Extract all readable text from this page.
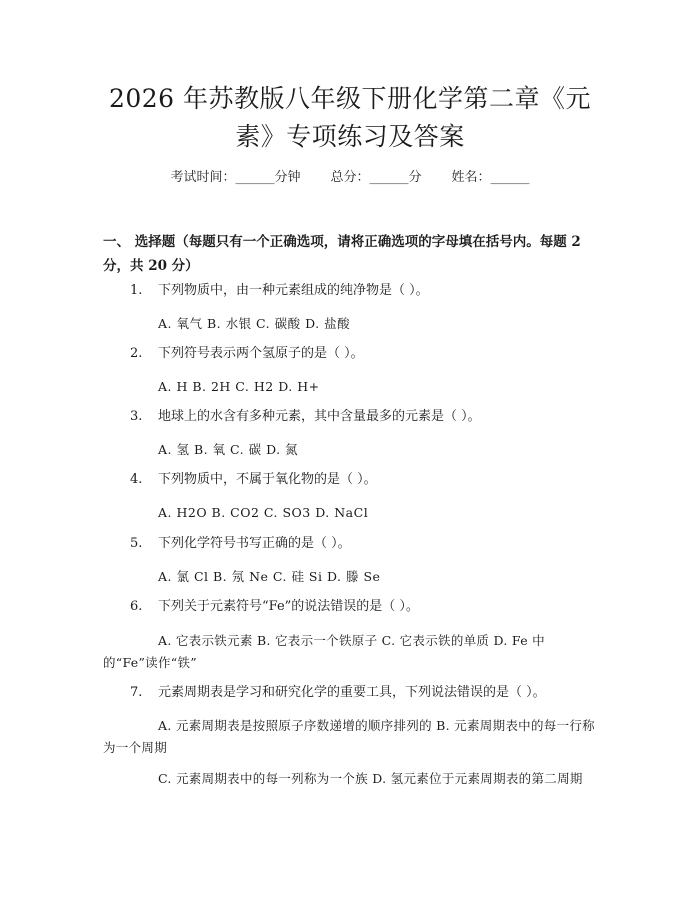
2026 年苏教版八年级下册化学第二章《元素》专项练习及答案
考试时间：______分钟 总分：______分 姓名：______
一、 选择题（每题只有一个正确选项，请将正确选项的字母填在括号内。每题 2 分，共 20 分）
1. 下列物质中，由一种元素组成的纯净物是（ ）。
A. 氧气 B. 水银 C. 碳酸 D. 盐酸
2. 下列符号表示两个氢原子的是（ ）。
A. H B. 2H C. H2 D. H+
3. 地球上的水含有多种元素，其中含量最多的元素是（ ）。
A. 氢 B. 氧 C. 碳 D. 氮
4. 下列物质中，不属于氧化物的是（ ）。
A. H2O B. CO2 C. SO3 D. NaCl
5. 下列化学符号书写正确的是（ ）。
A. 氯 Cl B. 氖 Ne C. 硅 Si D. 滕 Se
6. 下列关于元素符号“Fe”的说法错误的是（ ）。
A. 它表示铁元素 B. 它表示一个铁原子 C. 它表示铁的单质 D. Fe 中的“Fe”读作“铁”
7. 元素周期表是学习和研究化学的重要工具，下列说法错误的是（ ）。
A. 元素周期表是按照原子序数递增的顺序排列的 B. 元素周期表中的每一行称为一个周期
C. 元素周期表中的每一列称为一个族 D. 氢元素位于元素周期表的第二周期
